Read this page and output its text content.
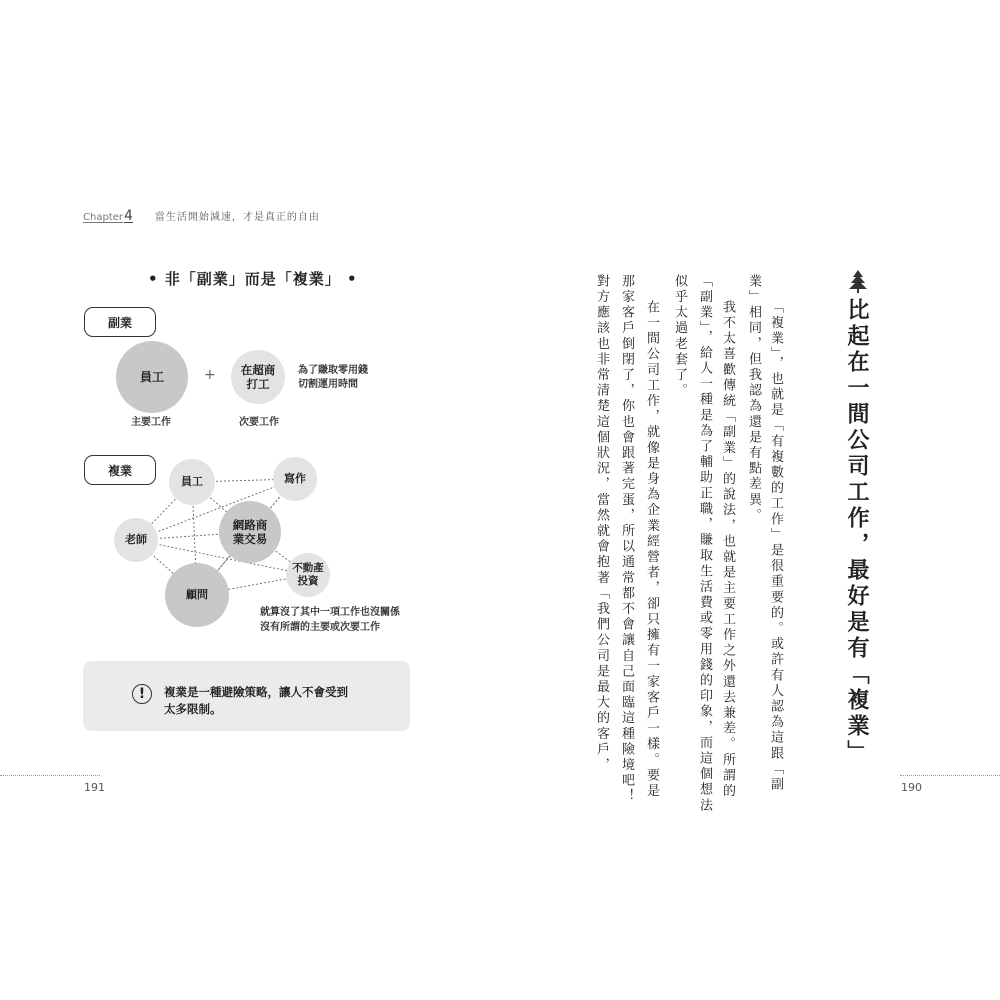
Chapter 4 當生活開始減速，才是真正的自由
• 非「副業」而是「複業」 •
副業
員工	+ 在超商
打工
為了賺取零用錢
切割運用時間
主要工作	次要工作
複業
員工	寫作
老師
網路商
業交易
不動產
投資
顧問
就算沒了其中一項工作也沒關係
沒有所謂的主要或次要工作
!	複業是一種避險策略，讓人不會受到
太多限制。
191	190
比起在一間公司工作，最好是有「複業」
「複業」，也就是「有複數的工作」是很重要的。或許有人認為這跟「副
業」相同，但我認為還是有點差異。
我不太喜歡傳統「副業」的說法，也就是主要工作之外還去兼差。所謂的
「副業」，給人一種是為了輔助正職，賺取生活費或零用錢的印象，而這個想法
似乎太過老套了。
在一間公司工作，就像是身為企業經營者，卻只擁有一家客戶一樣。要是
那家客戶倒閉了，你也會跟著完蛋，所以通常都不會讓自己面臨這種險境吧！
對方應該也非常清楚這個狀況，當然就會抱著「我們公司是最大的客戶，
